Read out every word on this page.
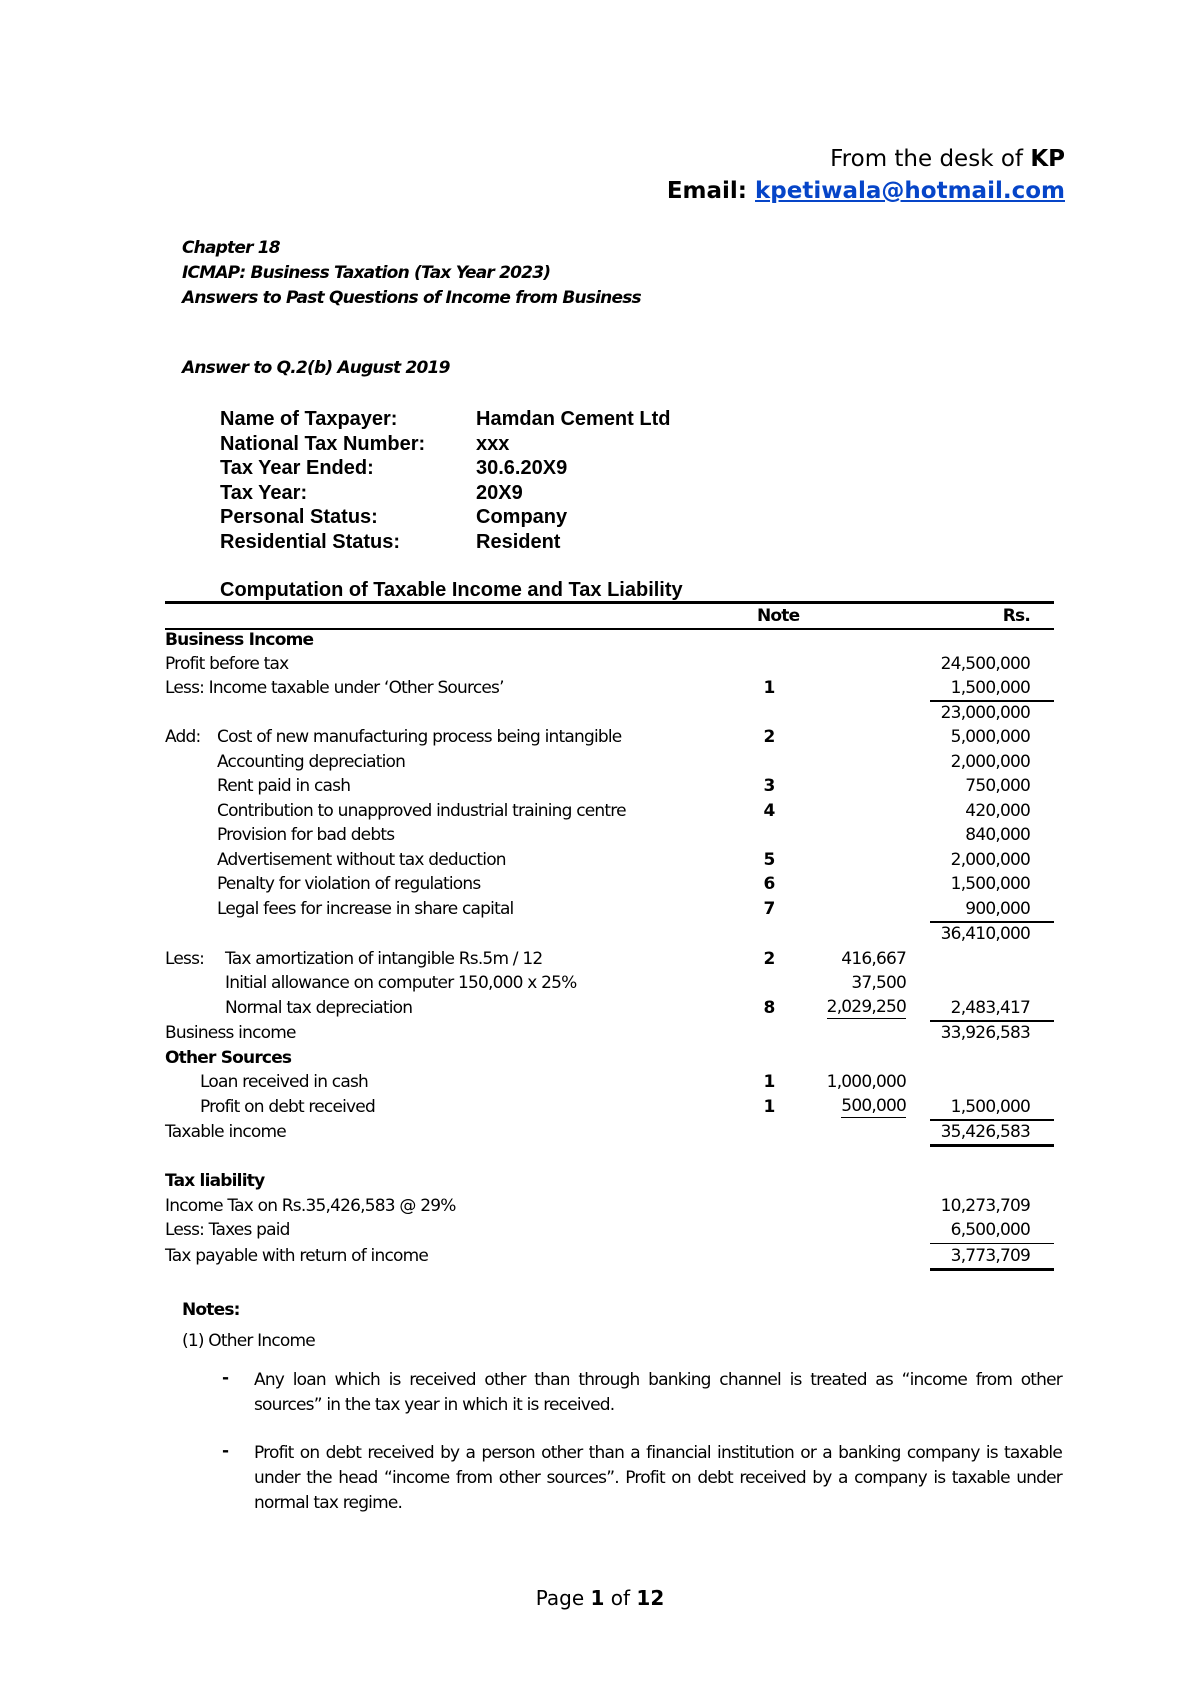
From the desk of KP
Email: kpetiwala@hotmail.com
Chapter 18
ICMAP: Business Taxation (Tax Year 2023)
Answers to Past Questions of Income from Business
Answer to Q.2(b) August 2019
Name of Taxpayer:	Hamdan Cement Ltd
National Tax Number:	xxx
Tax Year Ended:	30.6.20X9
Tax Year:	20X9
Personal Status:	Company
Residential Status:	Resident
Computation of Taxable Income and Tax Liability
Note	Rs.
Business Income
Profit before tax	24,500,000
Less: Income taxable under ‘Other Sources’	1	1,500,000
23,000,000
Add: Cost of new manufacturing process being intangible	2	5,000,000
Accounting depreciation	2,000,000
Rent paid in cash	3	750,000
Contribution to unapproved industrial training centre	4	420,000
Provision for bad debts	840,000
Advertisement without tax deduction	5	2,000,000
Penalty for violation of regulations	6	1,500,000
Legal fees for increase in share capital	7	900,000
36,410,000
Less: Tax amortization of intangible Rs.5m / 12	2	416,667
Initial allowance on computer 150,000 x 25%	37,500
Normal tax depreciation	8	2,029,250	2,483,417
Business income	33,926,583
Other Sources
Loan received in cash	1	1,000,000
Profit on debt received	1	500,000	1,500,000
Taxable income	35,426,583
Tax liability
Income Tax on Rs.35,426,583 @ 29%	10,273,709
Less: Taxes paid	6,500,000
Tax payable with return of income	3,773,709
Notes:
(1) Other Income
- Any loan which is received other than through banking channel is treated as “income from other sources” in the tax year in which it is received.
- Profit on debt received by a person other than a financial institution or a banking company is taxable under the head “income from other sources”. Profit on debt received by a company is taxable under normal tax regime.
Page 1 of 12
